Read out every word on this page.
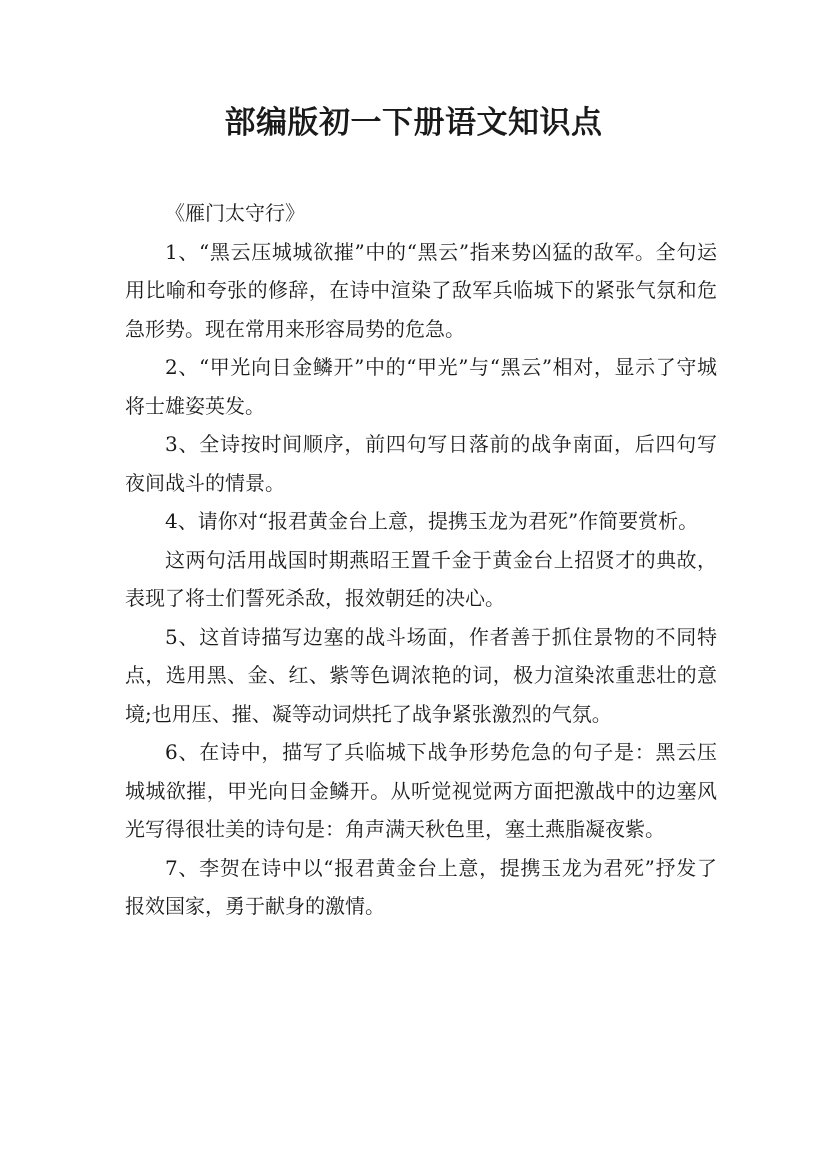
部编版初一下册语文知识点

《雁门太守行》

1、“黑云压城城欲摧”中的“黑云”指来势凶猛的敌军。全句运用比喻和夸张的修辞，在诗中渲染了敌军兵临城下的紧张气氛和危急形势。现在常用来形容局势的危急。

2、“甲光向日金鳞开”中的“甲光”与“黑云”相对，显示了守城将士雄姿英发。

3、全诗按时间顺序，前四句写日落前的战争南面，后四句写夜间战斗的情景。

4、请你对“报君黄金台上意，提携玉龙为君死”作简要赏析。

这两句活用战国时期燕昭王置千金于黄金台上招贤才的典故，表现了将士们誓死杀敌，报效朝廷的决心。

5、这首诗描写边塞的战斗场面，作者善于抓住景物的不同特点，选用黑、金、红、紫等色调浓艳的词，极力渲染浓重悲壮的意境;也用压、摧、凝等动词烘托了战争紧张激烈的气氛。

6、在诗中，描写了兵临城下战争形势危急的句子是：黑云压城城欲摧，甲光向日金鳞开。从听觉视觉两方面把激战中的边塞风光写得很壮美的诗句是：角声满天秋色里，塞土燕脂凝夜紫。

7、李贺在诗中以“报君黄金台上意，提携玉龙为君死”抒发了报效国家，勇于献身的激情。
